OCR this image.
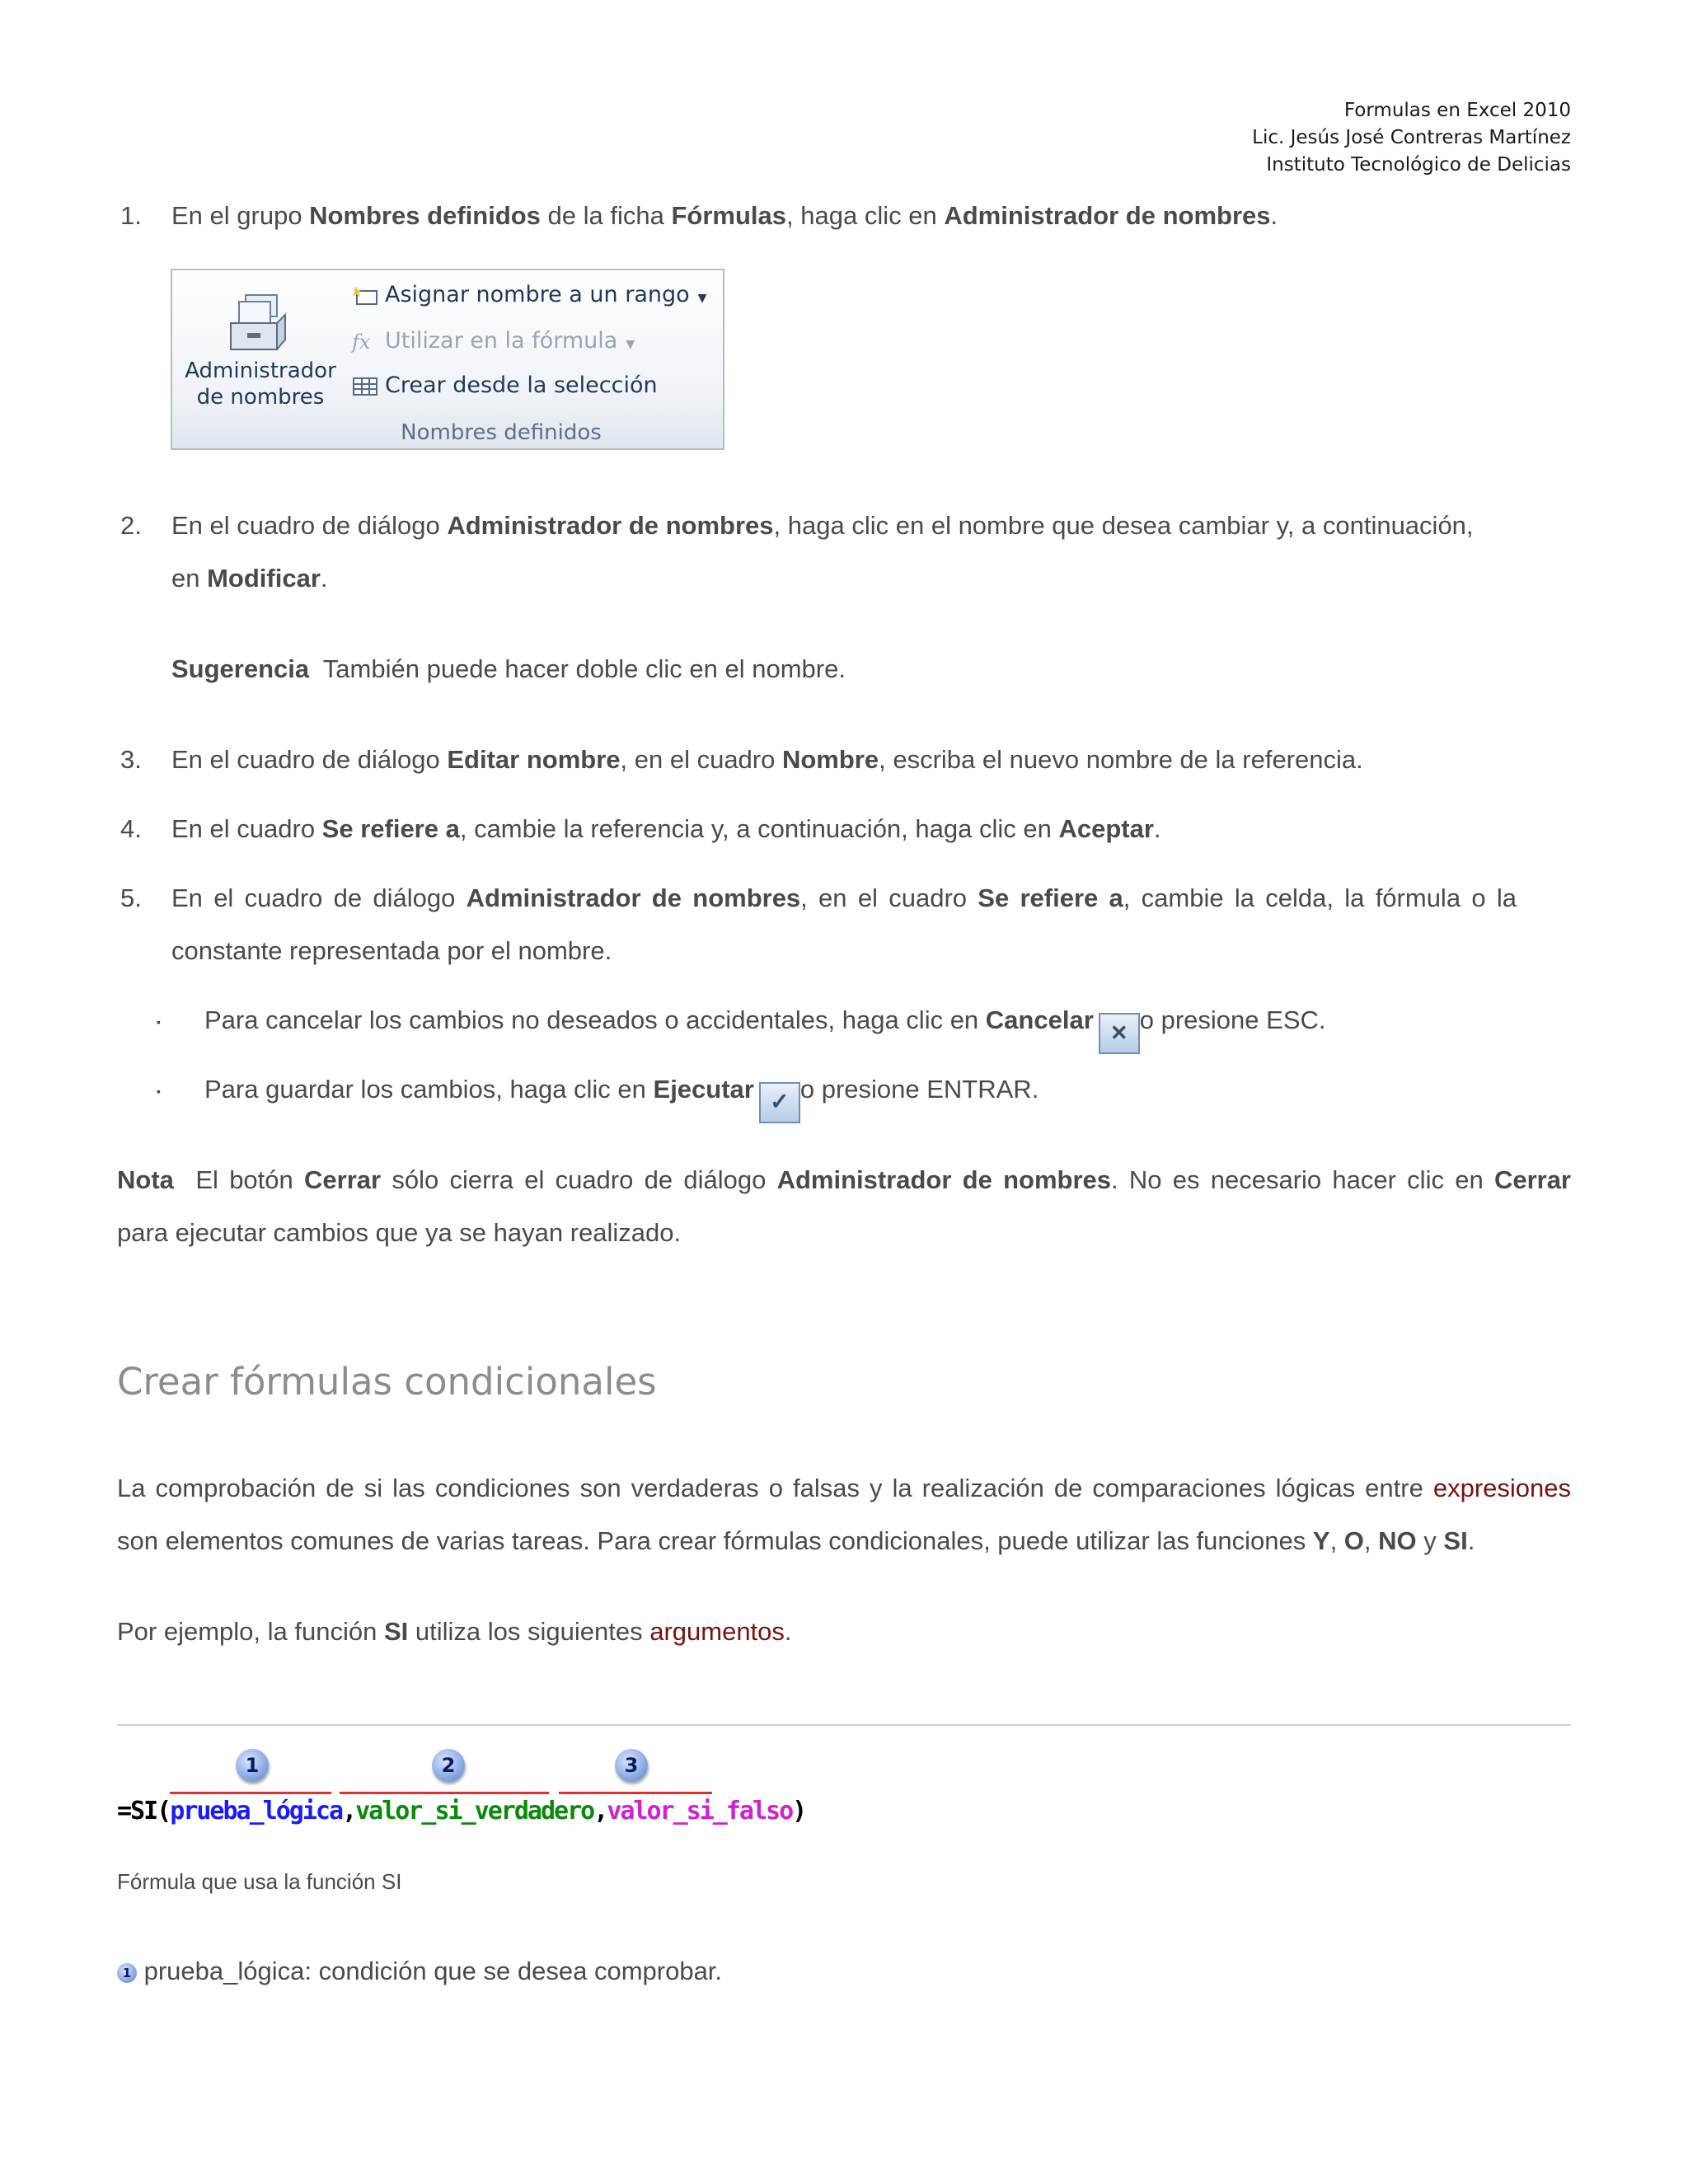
Formulas en Excel 2010
Lic. Jesús José Contreras Martínez
Instituto Tecnológico de Delicias
1.	En el grupo Nombres definidos de la ficha Fórmulas, haga clic en Administrador de nombres.
Administrador
de nombres
Asignar nombre a un rango ▼
fx Utilizar en la fórmula ▼
Crear desde la selección
Nombres definidos
2.	En el cuadro de diálogo Administrador de nombres, haga clic en el nombre que desea cambiar y, a continuación,
en Modificar.
Sugerencia  También puede hacer doble clic en el nombre.
3.	En el cuadro de diálogo Editar nombre, en el cuadro Nombre, escriba el nuevo nombre de la referencia.
4.	En el cuadro Se refiere a, cambie la referencia y, a continuación, haga clic en Aceptar.
5.	En el cuadro de diálogo Administrador de nombres, en el cuadro Se refiere a, cambie la celda, la fórmula o la
constante representada por el nombre.
▪ Para cancelar los cambios no deseados o accidentales, haga clic en Cancelar ✕ o presione ESC.
▪ Para guardar los cambios, haga clic en Ejecutar ✓ o presione ENTRAR.
Nota  El botón Cerrar sólo cierra el cuadro de diálogo Administrador de nombres. No es necesario hacer clic en Cerrar
para ejecutar cambios que ya se hayan realizado.
Crear fórmulas condicionales
La comprobación de si las condiciones son verdaderas o falsas y la realización de comparaciones lógicas entre expresiones
son elementos comunes de varias tareas. Para crear fórmulas condicionales, puede utilizar las funciones Y, O, NO y SI.
Por ejemplo, la función SI utiliza los siguientes argumentos.
1	2	3
=SI(prueba_lógica,valor_si_verdadero,valor_si_falso)
Fórmula que usa la función SI
1 prueba_lógica: condición que se desea comprobar.
